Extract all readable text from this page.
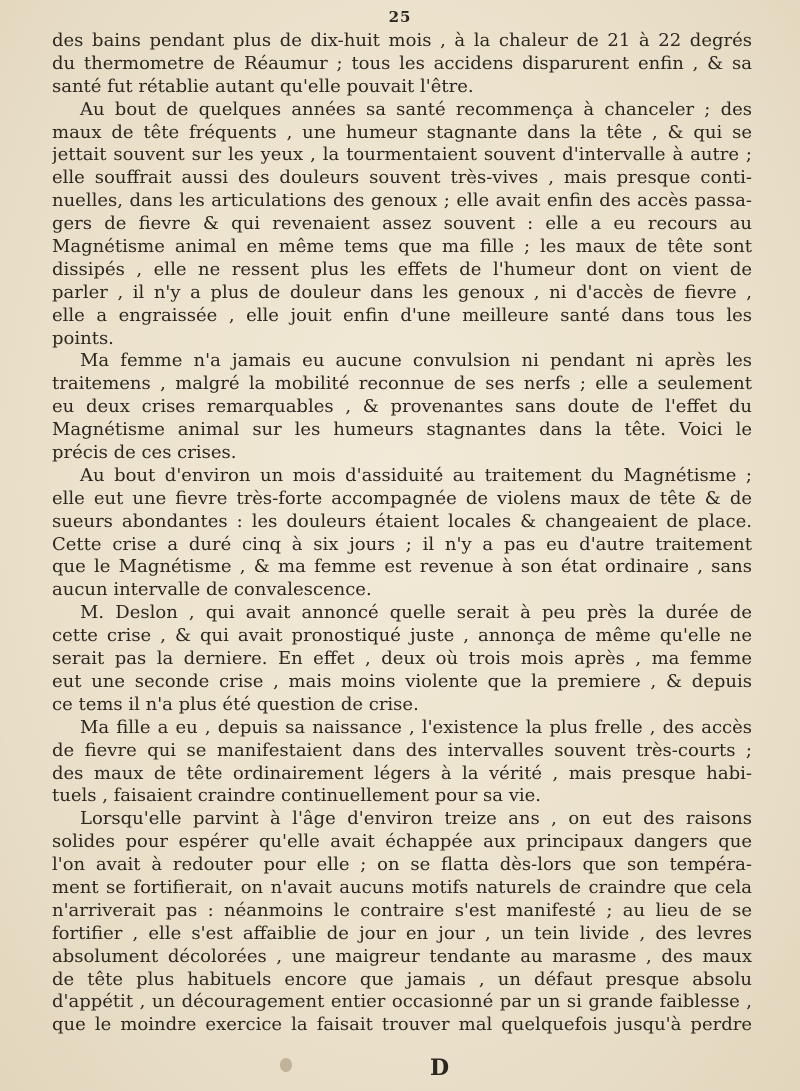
25
des bains pendant plus de dix-huit mois , à la chaleur de 21 à 22 degrés
du thermometre de Réaumur ; tous les accidens disparurent enfin , & sa
santé fut rétablie autant qu'elle pouvait l'être.
Au bout de quelques années sa santé recommença à chanceler ; des
maux de tête fréquents , une humeur stagnante dans la tête , & qui se
jettait souvent sur les yeux , la tourmentaient souvent d'intervalle à autre ;
elle souffrait aussi des douleurs souvent très-vives , mais presque conti-
nuelles, dans les articulations des genoux ; elle avait enfin des accès passa-
gers de fievre & qui revenaient assez souvent : elle a eu recours au
Magnétisme animal en même tems que ma fille ; les maux de tête sont
dissipés , elle ne ressent plus les effets de l'humeur dont on vient de
parler , il n'y a plus de douleur dans les genoux , ni d'accès de fievre ,
elle a engraissée , elle jouit enfin d'une meilleure santé dans tous les
points.
Ma femme n'a jamais eu aucune convulsion ni pendant ni après les
traitemens , malgré la mobilité reconnue de ses nerfs ; elle a seulement
eu deux crises remarquables , & provenantes sans doute de l'effet du
Magnétisme animal sur les humeurs stagnantes dans la tête. Voici le
précis de ces crises.
Au bout d'environ un mois d'assiduité au traitement du Magnétisme ;
elle eut une fievre très-forte accompagnée de violens maux de tête & de
sueurs abondantes : les douleurs étaient locales & changeaient de place.
Cette crise a duré cinq à six jours ; il n'y a pas eu d'autre traitement
que le Magnétisme , & ma femme est revenue à son état ordinaire , sans
aucun intervalle de convalescence.
M. Deslon , qui avait annoncé quelle serait à peu près la durée de
cette crise , & qui avait pronostiqué juste , annonça de même qu'elle ne
serait pas la derniere. En effet , deux où trois mois après , ma femme
eut une seconde crise , mais moins violente que la premiere , & depuis
ce tems il n'a plus été question de crise.
Ma fille a eu , depuis sa naissance , l'existence la plus frelle , des accès
de fievre qui se manifestaient dans des intervalles souvent très-courts ;
des maux de tête ordinairement légers à la vérité , mais presque habi-
tuels , faisaient craindre continuellement pour sa vie.
Lorsqu'elle parvint à l'âge d'environ treize ans , on eut des raisons
solides pour espérer qu'elle avait échappée aux principaux dangers que
l'on avait à redouter pour elle ; on se flatta dès-lors que son tempéra-
ment se fortifierait, on n'avait aucuns motifs naturels de craindre que cela
n'arriverait pas : néanmoins le contraire s'est manifesté ; au lieu de se
fortifier , elle s'est affaiblie de jour en jour , un tein livide , des levres
absolument décolorées , une maigreur tendante au marasme , des maux
de tête plus habituels encore que jamais , un défaut presque absolu
d'appétit , un découragement entier occasionné par un si grande faiblesse ,
que le moindre exercice la faisait trouver mal quelquefois jusqu'à perdre
D
